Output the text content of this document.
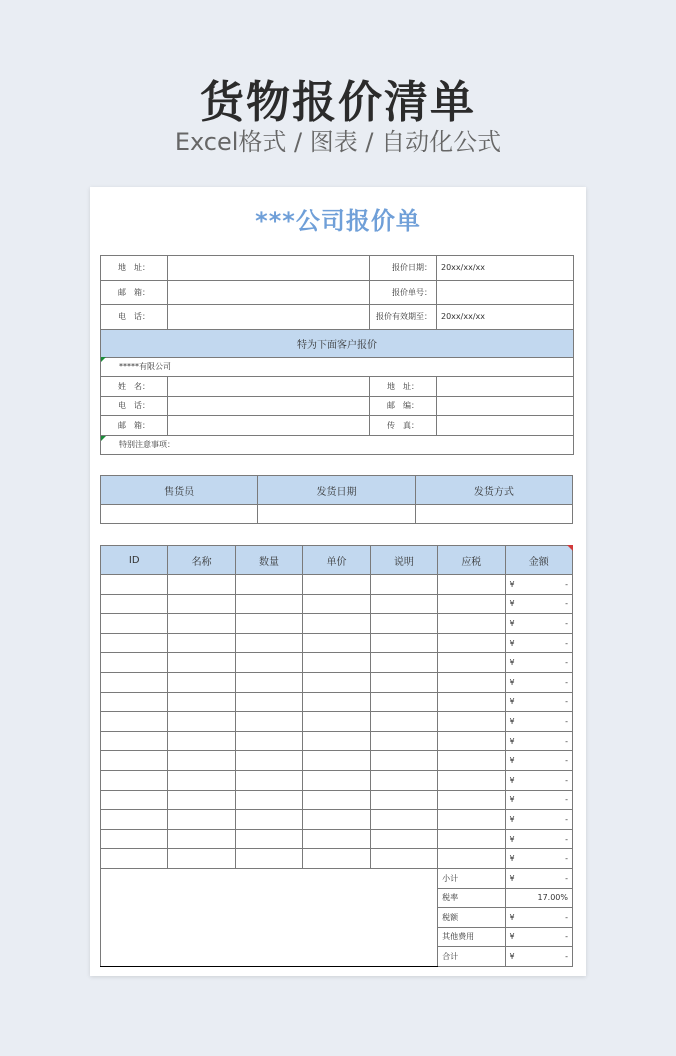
货物报价清单
Excel格式 / 图表 / 自动化公式
***公司报价单
地　址：		报价日期：	20xx/xx/xx
邮　箱：		报价单号：	
电　话：		报价有效期至：	20xx/xx/xx
特为下面客户报价			
*****有限公司			
姓　名：		地　址：	
电　话：		邮　编：	
邮　箱：		传　真：	
特别注意事项：			
售货员	发货日期	发货方式

ID	名称	数量	单价	说明	应税	金额

						¥ -

						¥ -

						¥ -

						¥ -

						¥ -

						¥ -

						¥ -

						¥ -

						¥ -

						¥ -

						¥ -

						¥ -

						¥ -

						¥ -

						¥ -

					小计	¥ -

					税率	17.00%
					税额	¥ -

					其他费用	¥ -

					合计	¥ -
